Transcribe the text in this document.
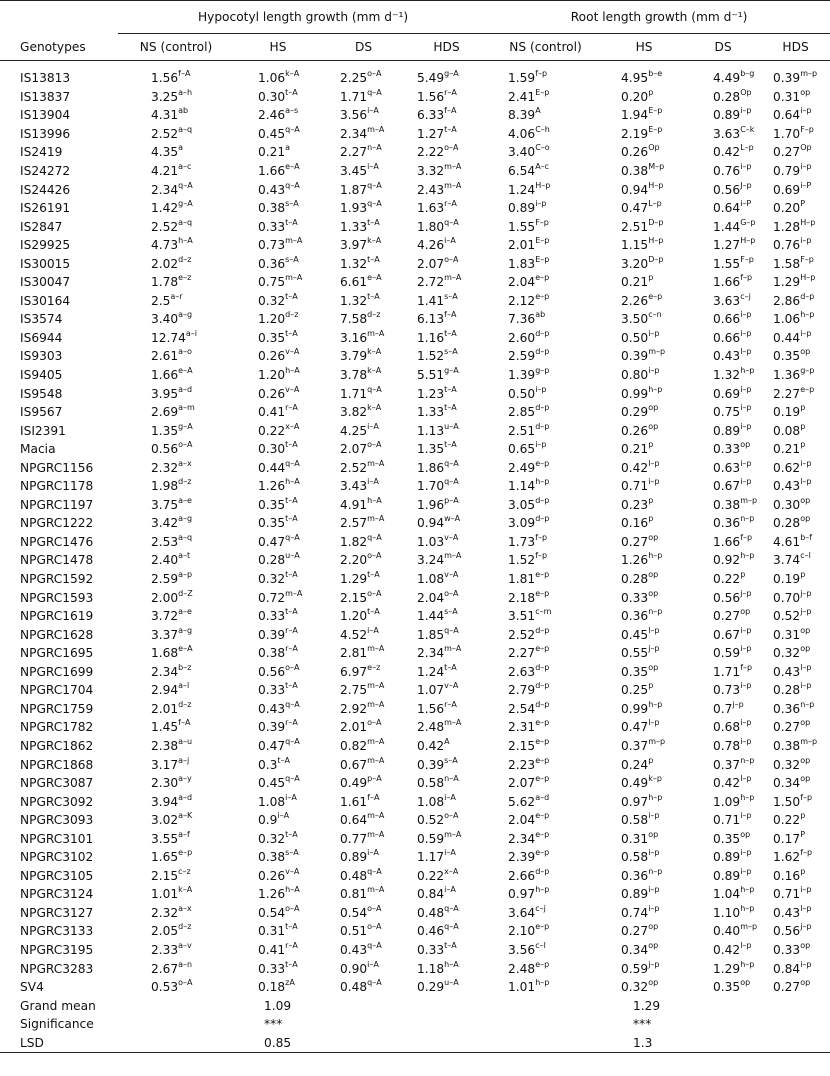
	Hypocotyl length growth (mm d⁻¹)				Root length growth (mm d⁻¹)			
Genotypes	NS (control)	HS	DS	HDS	NS (control)	HS	DS	HDS

IS13813	$1.56^{f-A}$	$1.06^{k-A}$	$2.25^{o-A}$	$5.49^{g-A}$	1.59$^{f-p}$	4.95$^{b-e}$	4.49$^{b-g}$	0.39$^{m-p}$
IS13837	3.25$^{a-h}$	$0.30^{t-A}$	$1.71^{q-A}$	$1.56^{r-A}$	$2.41^{E-p}$	0.20$^p$	$0.28^{Op}$	$0.31^{op}$
IS13904	4.31$^{ab}$	2.46$^{a-s}$	$3.56^{i-A}$	$6.33^{f-A}$	$8.39^A$	$1.94^{E-p}$	0.89$^{i-p}$	0.64$^{i-p}$
IS13996	2.52$^{a-q}$	$0.45^{q-A}$	$2.34^{m-A}$	$1.27^{t-A}$	$4.06^{C-h}$	$2.19^{E-p}$	$3.63^{C-k}$	$1.70^{F-p}$
IS2419	4.35$^a$	0.21$^a$	$2.27^{n-A}$	$2.22^{o-A}$	$3.40^{C-o}$	$0.26^{Op}$	$0.42^{L-p}$	$0.27^{Op}$
IS24272	4.21$^{a-c}$	$1.66^{e-A}$	$3.45^{i-A}$	$3.32^{m-A}$	$6.54^{A-c}$	$0.38^{M-p}$	0.76$^{i-p}$	0.79$^{i-p}$
IS24426	$2.34^{q-A}$	$0.43^{q-A}$	$1.87^{q-A}$	$2.43^{m-A}$	$1.24^{H-p}$	$0.94^{H-p}$	$0.56^{J-p}$	$0.69^{i-P}$
IS26191	$1.42^{g-A}$	$0.38^{s-A}$	$1.93^{q-A}$	$1.63^{r-A}$	0.89$^{i-p}$	$0.47^{L-p}$	$0.64^{i-P}$	$0.20^P$
IS2847	2.52$^{a-q}$	$0.33^{t-A}$	$1.33^{t-A}$	$1.80^{q-A}$	$1.55^{F-p}$	$2.51^{D-p}$	$1.44^{G-p}$	$1.28^{H-p}$
IS29925	$4.73^{h-A}$	$0.73^{m-A}$	$3.97^{k-A}$	$4.26^{i-A}$	$2.01^{E-p}$	$1.15^{H-p}$	$1.27^{H-p}$	0.76$^{i-p}$
IS30015	2.02$^{d-z}$	$0.36^{s-A}$	$1.32^{t-A}$	$2.07^{o-A}$	$1.83^{E-p}$	$3.20^{D-p}$	$1.55^{F-p}$	$1.58^{F-p}$
IS30047	1.78$^{e-z}$	$0.75^{m-A}$	$6.61^{e-A}$	$2.72^{m-A}$	2.04$^{e-p}$	0.21$^p$	1.66$^{f-p}$	$1.29^{H-p}$
IS30164	2.5$^{a-r}$	$0.32^{t-A}$	$1.32^{t-A}$	$1.41^{s-A}$	2.12$^{e-p}$	2.26$^{e-p}$	3.63$^{c-j}$	2.86$^{d-p}$
IS3574	3.40$^{a-g}$	1.20$^{d-z}$	7.58$^{d-z}$	$6.13^{f-A}$	7.36$^{ab}$	3.50$^{c-n}$	0.66$^{i-p}$	1.06$^{h-p}$
IS6944	12.74$^{a-i}$	$0.35^{t-A}$	$3.16^{m-A}$	$1.16^{t-A}$	2.60$^{d-p}$	0.50$^{i-p}$	0.66$^{i-p}$	0.44$^{i-p}$
IS9303	2.61$^{a-o}$	$0.26^{v-A}$	$3.79^{k-A}$	$1.52^{s-A}$	2.59$^{d-p}$	0.39$^{m-p}$	0.43$^{l-p}$	$0.35^{op}$
IS9405	$1.66^{e-A}$	$1.20^{h-A}$	$3.78^{k-A}$	$5.51^{g-A}$	1.39$^{g-p}$	0.80$^{i-p}$	1.32$^{h-p}$	1.36$^{g-p}$
IS9548	3.95$^{a-d}$	$0.26^{v-A}$	$1.71^{q-A}$	$1.23^{t-A}$	0.50$^{i-p}$	0.99$^{h-p}$	0.69$^{i-p}$	2.27$^{e-p}$
IS9567	2.69$^{a-m}$	$0.41^{r-A}$	$3.82^{k-A}$	$1.33^{t-A}$	2.85$^{d-p}$	$0.29^{op}$	0.75$^{i-p}$	0.19$^p$
ISI2391	$1.35^{g-A}$	$0.22^{x-A}$	$4.25^{i-A}$	$1.13^{u-A}$	2.51$^{d-p}$	$0.26^{op}$	0.89$^{i-p}$	0.08$^p$
Macia	$0.56^{o-A}$	$0.30^{t-A}$	$2.07^{o-A}$	$1.35^{t-A}$	0.65$^{i-p}$	0.21$^p$	$0.33^{op}$	0.21$^p$
NPGRC1156	2.32$^{a-x}$	$0.44^{q-A}$	$2.52^{m-A}$	$1.86^{q-A}$	2.49$^{e-p}$	0.42$^{l-p}$	0.63$^{i-p}$	0.62$^{i-p}$
NPGRC1178	1.98$^{d-z}$	$1.26^{h-A}$	$3.43^{i-A}$	$1.70^{q-A}$	1.14$^{h-p}$	0.71$^{i-p}$	0.67$^{i-p}$	0.43$^{l-p}$
NPGRC1197	3.75$^{a-e}$	$0.35^{t-A}$	$4.91^{h-A}$	$1.96^{p-A}$	3.05$^{d-p}$	0.23$^p$	0.38$^{m-p}$	$0.30^{op}$
NPGRC1222	3.42$^{a-g}$	$0.35^{t-A}$	$2.57^{m-A}$	$0.94^{w-A}$	3.09$^{d-p}$	0.16$^p$	0.36$^{n-p}$	$0.28^{op}$
NPGRC1476	2.53$^{a-q}$	$0.47^{q-A}$	$1.82^{q-A}$	$1.03^{v-A}$	1.73$^{f-p}$	$0.27^{op}$	1.66$^{f-p}$	4.61$^{b-f}$
NPGRC1478	2.40$^{a-t}$	$0.28^{u-A}$	$2.20^{o-A}$	$3.24^{m-A}$	1.52$^{f-p}$	1.26$^{h-p}$	0.92$^{h-p}$	3.74$^{c-l}$
NPGRC1592	2.59$^{a-p}$	$0.32^{t-A}$	$1.29^{t-A}$	$1.08^{v-A}$	1.81$^{e-p}$	$0.28^{op}$	0.22$^p$	0.19$^p$
NPGRC1593	$2.00^{d-Z}$	$0.72^{m-A}$	$2.15^{o-A}$	$2.04^{o-A}$	2.18$^{e-p}$	$0.33^{op}$	0.56$^{j-p}$	0.70$^{j-p}$
NPGRC1619	3.72$^{a-e}$	$0.33^{t-A}$	$1.20^{t-A}$	$1.44^{s-A}$	3.51$^{c-m}$	0.36$^{n-p}$	$0.27^{op}$	0.52$^{j-p}$
NPGRC1628	3.37$^{a-g}$	$0.39^{r-A}$	$4.52^{i-A}$	$1.85^{q-A}$	2.52$^{d-p}$	0.45$^{l-p}$	0.67$^{i-p}$	$0.31^{op}$
NPGRC1695	$1.68^{e-A}$	$0.38^{r-A}$	$2.81^{m-A}$	$2.34^{m-A}$	2.27$^{e-p}$	0.55$^{j-p}$	0.59$^{i-p}$	$0.32^{op}$
NPGRC1699	2.34$^{b-z}$	$0.56^{o-A}$	6.97$^{e-z}$	$1.24^{t-A}$	2.63$^{d-p}$	$0.35^{op}$	1.71$^{f-p}$	0.43$^{l-p}$
NPGRC1704	2.94$^{a-l}$	$0.33^{t-A}$	$2.75^{m-A}$	$1.07^{v-A}$	2.79$^{d-p}$	0.25$^p$	0.73$^{i-p}$	0.28$^{i-p}$
NPGRC1759	2.01$^{d-z}$	$0.43^{q-A}$	$2.92^{m-A}$	$1.56^{r-A}$	2.54$^{d-p}$	0.99$^{h-p}$	0.7$^{j-p}$	0.36$^{n-p}$
NPGRC1782	$1.45^{f-A}$	$0.39^{r-A}$	$2.01^{o-A}$	$2.48^{m-A}$	2.31$^{e-p}$	0.47$^{l-p}$	0.68$^{i-p}$	$0.27^{op}$
NPGRC1862	2.38$^{a-u}$	$0.47^{q-A}$	$0.82^{m-A}$	$0.42^A$	2.15$^{e-p}$	0.37$^{m-p}$	0.78$^{i-p}$	0.38$^{m-p}$
NPGRC1868	3.17$^{a-j}$	$0.3^{t-A}$	$0.67^{m-A}$	$0.39^{s-A}$	2.23$^{e-p}$	0.24$^p$	0.37$^{n-p}$	$0.32^{op}$
NPGRC3087	2.30$^{a-y}$	$0.45^{q-A}$	$0.49^{p-A}$	$0.58^{n-A}$	2.07$^{e-p}$	0.49$^{k-p}$	0.42$^{l-p}$	$0.34^{op}$
NPGRC3092	3.94$^{a-d}$	$1.08^{i-A}$	$1.61^{f-A}$	$1.08^{i-A}$	5.62$^{a-d}$	0.97$^{h-p}$	1.09$^{h-p}$	1.50$^{f-p}$
NPGRC3093	$3.02^{a-K}$	$0.9^{i-A}$	$0.64^{m-A}$	$0.52^{o-A}$	2.04$^{e-p}$	0.58$^{i-p}$	0.71$^{i-p}$	0.22$^p$
NPGRC3101	3.55$^{a-f}$	$0.32^{t-A}$	$0.77^{m-A}$	$0.59^{m-A}$	2.34$^{e-p}$	$0.31^{op}$	$0.35^{op}$	$0.17^P$
NPGRC3102	1.65$^{e-p}$	$0.38^{s-A}$	$0.89^{i-A}$	$1.17^{i-A}$	2.39$^{e-p}$	0.58$^{i-p}$	0.89$^{i-p}$	1.62$^{f-p}$
NPGRC3105	2.15$^{c-z}$	$0.26^{v-A}$	$0.48^{q-A}$	$0.22^{x-A}$	2.66$^{d-p}$	0.36$^{n-p}$	0.89$^{i-p}$	0.16$^p$
NPGRC3124	$1.01^{k-A}$	$1.26^{h-A}$	$0.81^{m-A}$	$0.84^{i-A}$	0.97$^{h-p}$	0.89$^{i-p}$	1.04$^{h-p}$	0.71$^{i-p}$
NPGRC3127	2.32$^{a-x}$	$0.54^{o-A}$	$0.54^{o-A}$	$0.48^{q-A}$	3.64$^{c-j}$	0.74$^{i-p}$	1.10$^{h-p}$	0.43$^{l-p}$
NPGRC3133	2.05$^{d-z}$	$0.31^{t-A}$	$0.51^{o-A}$	$0.46^{q-A}$	2.10$^{e-p}$	$0.27^{op}$	0.40$^{m-p}$	0.56$^{j-p}$
NPGRC3195	2.33$^{a-v}$	$0.41^{r-A}$	$0.43^{q-A}$	$0.33^{t-A}$	3.56$^{c-l}$	$0.34^{op}$	0.42$^{l-p}$	$0.33^{op}$
NPGRC3283	2.67$^{a-n}$	$0.33^{t-A}$	$0.90^{i-A}$	$1.18^{h-A}$	2.48$^{e-p}$	0.59$^{j-p}$	1.29$^{h-p}$	0.84$^{i-p}$
SV4	$0.53^{o-A}$	$0.18^{zA}$	$0.48^{q-A}$	$0.29^{u-A}$	1.01$^{h-p}$	$0.32^{op}$	$0.35^{op}$	$0.27^{op}$
Grand mean		1.09				1.29		
Significance		***				***		
LSD		0.85				1.3		
